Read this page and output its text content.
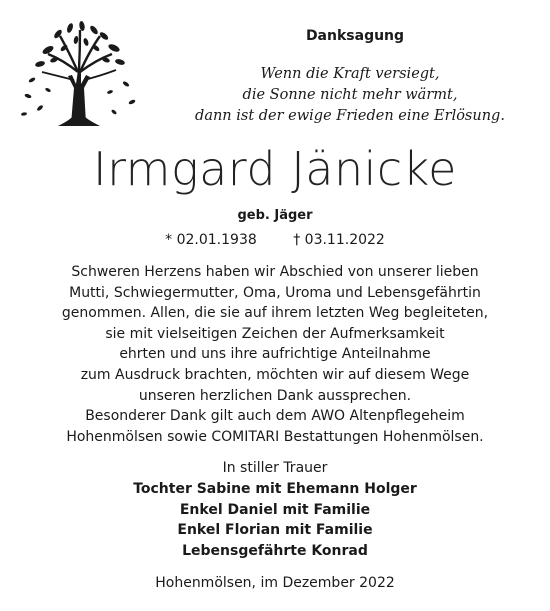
Danksagung
Wenn die Kraft versiegt,
die Sonne nicht mehr wärmt,
dann ist der ewige Frieden eine Erlösung.
Irmgard Jänicke
geb. Jäger
* 02.01.1938	† 03.11.2022
Schweren Herzens haben wir Abschied von unserer lieben
Mutti, Schwiegermutter, Oma, Uroma und Lebensgefährtin
genommen. Allen, die sie auf ihrem letzten Weg begleiteten,
sie mit vielseitigen Zeichen der Aufmerksamkeit
ehrten und uns ihre aufrichtige Anteilnahme
zum Ausdruck brachten, möchten wir auf diesem Wege
unseren herzlichen Dank aussprechen.
Besonderer Dank gilt auch dem AWO Altenpflegeheim
Hohenmölsen sowie COMITARI Bestattungen Hohenmölsen.
In stiller Trauer
Tochter Sabine mit Ehemann Holger
Enkel Daniel mit Familie
Enkel Florian mit Familie
Lebensgefährte Konrad
Hohenmölsen, im Dezember 2022
